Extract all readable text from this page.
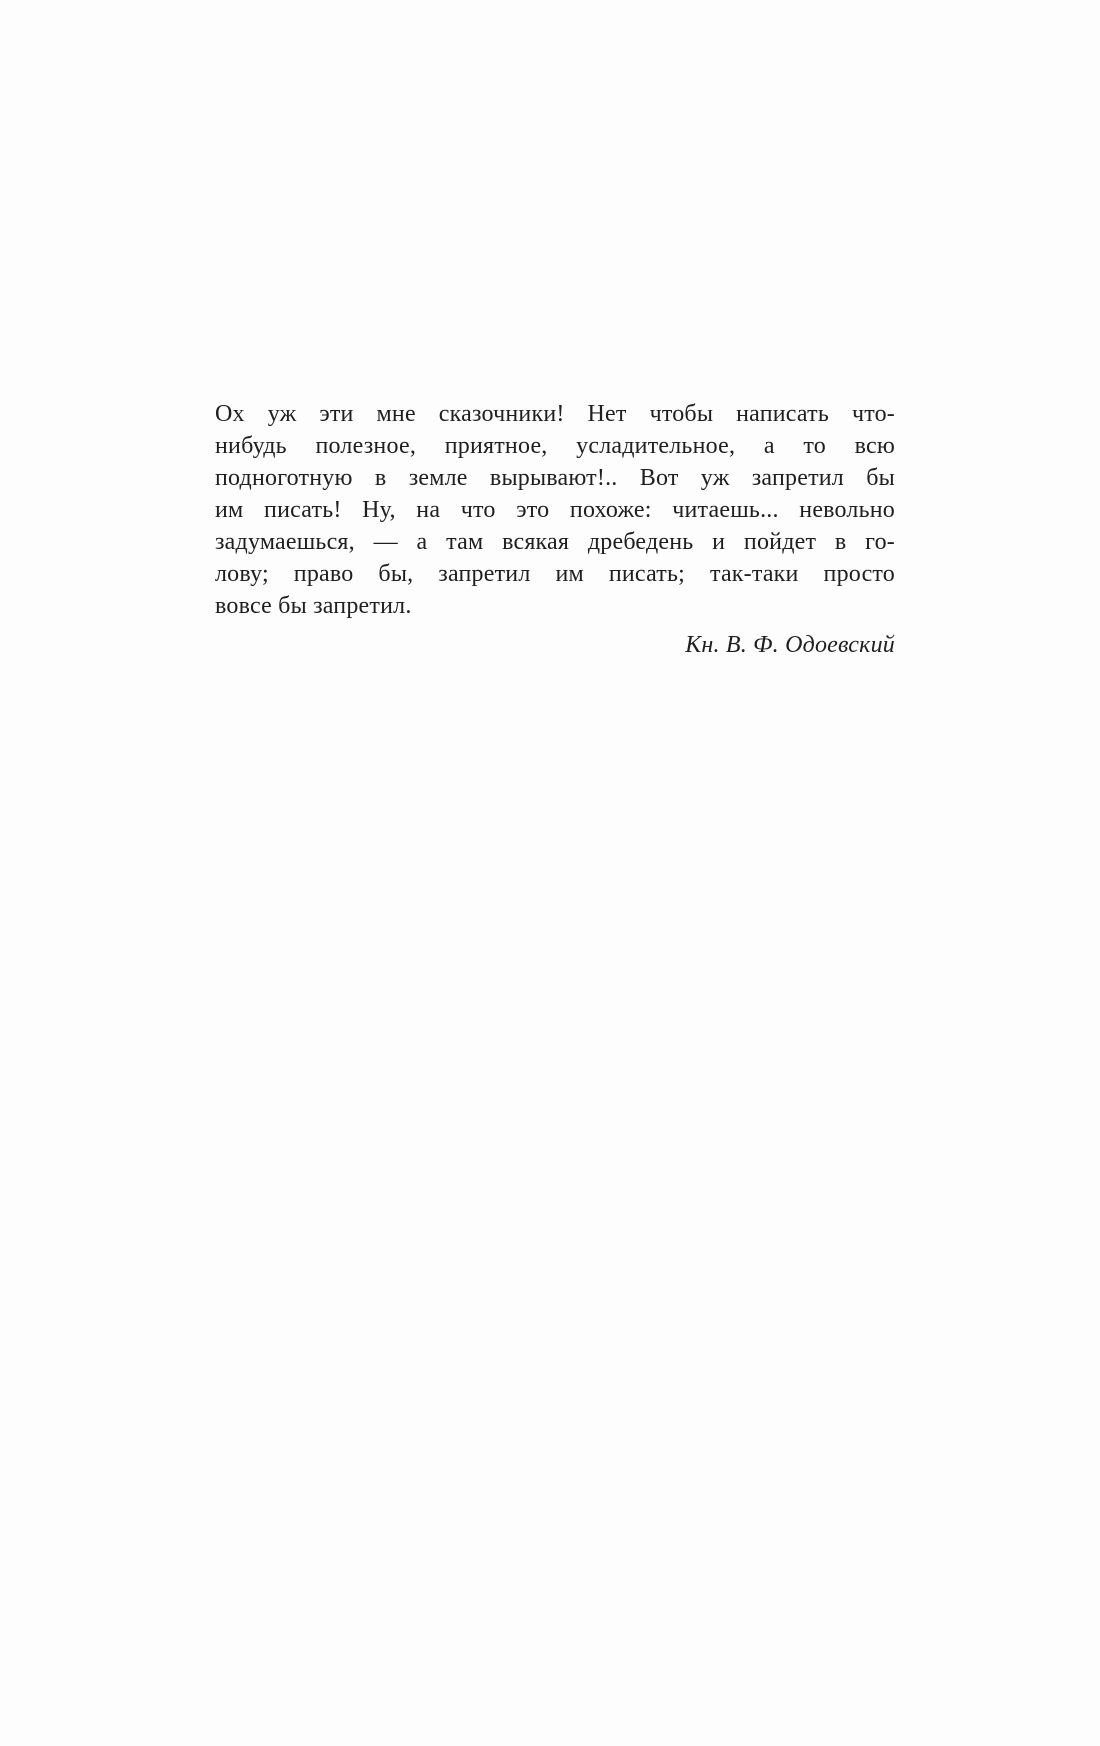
Ох уж эти мне сказочники! Нет чтобы написать что-
нибудь полезное, приятное, усладительное, а то всю
подноготную в земле вырывают!.. Вот уж запретил бы
им писать! Ну, на что это похоже: читаешь... невольно
задумаешься, — а там всякая дребедень и пойдет в го-
лову; право бы, запретил им писать; так-таки просто
вовсе бы запретил.
Кн. В. Ф. Одоевский
